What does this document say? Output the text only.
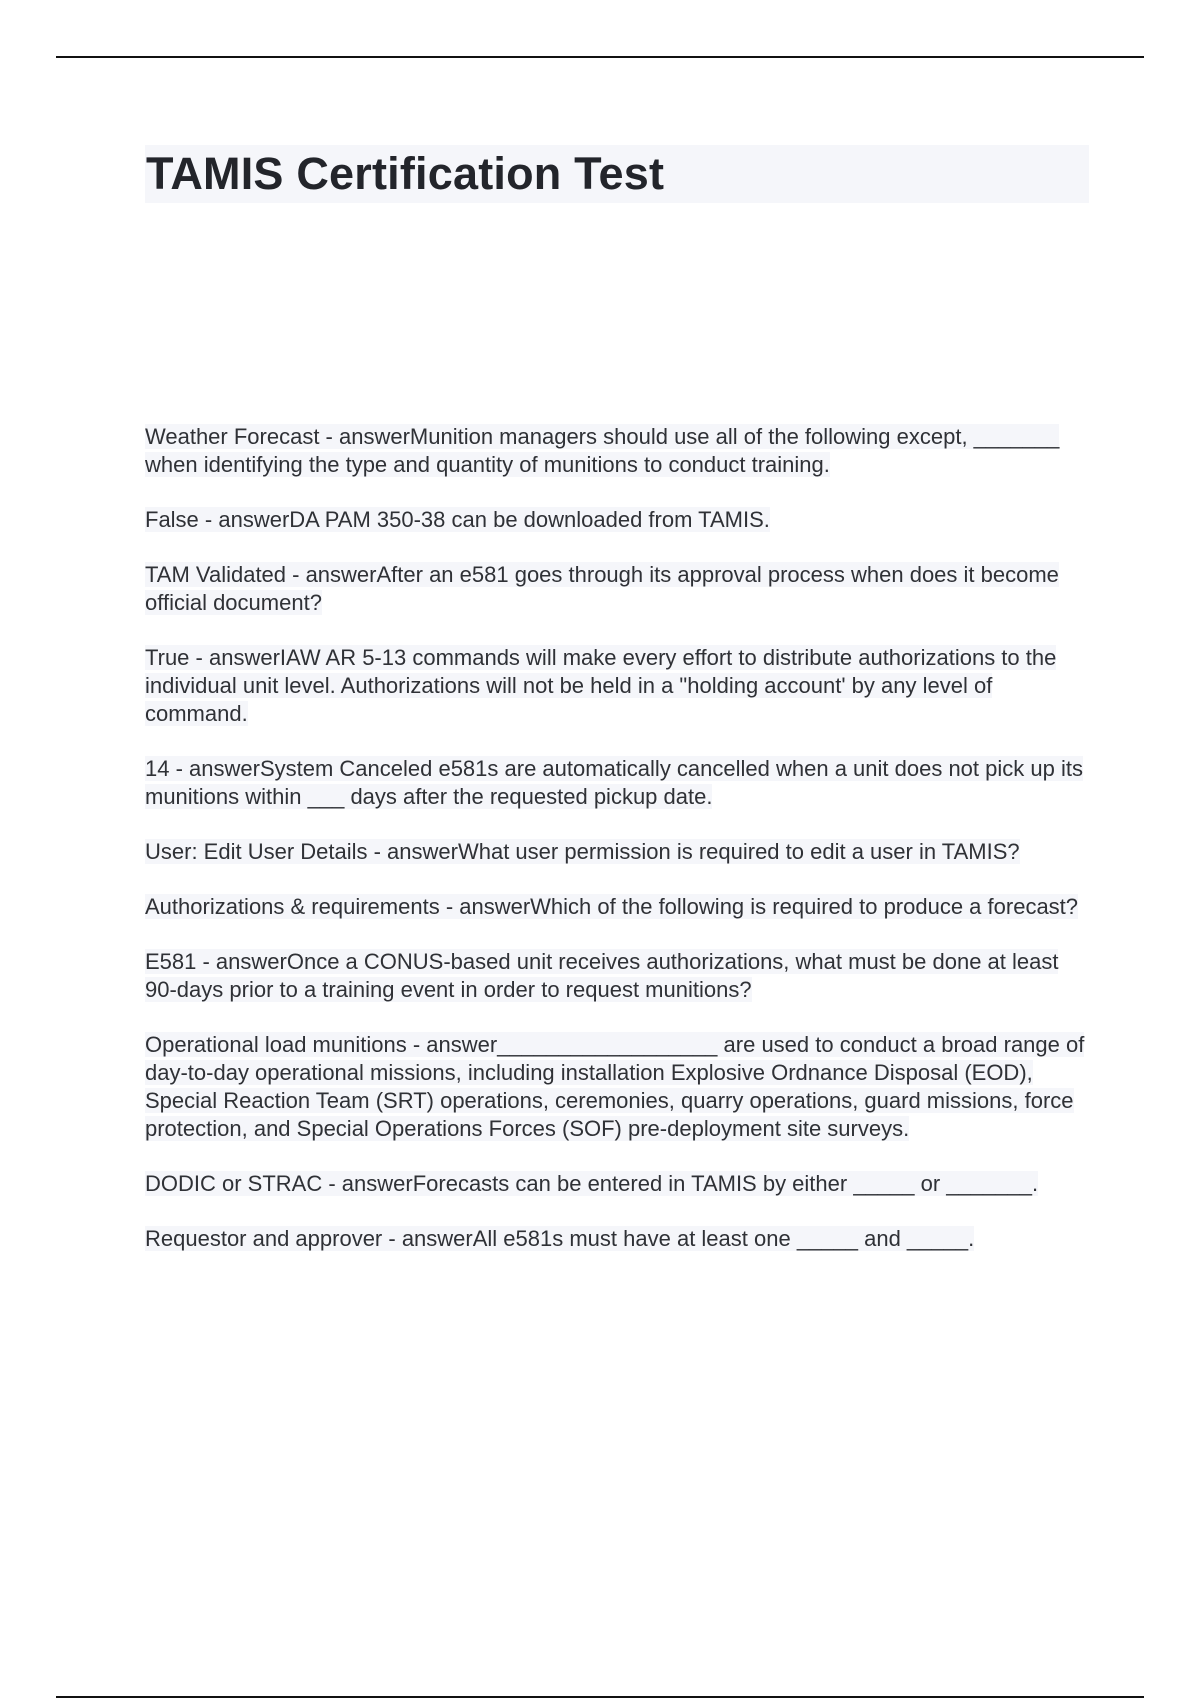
TAMIS Certification Test
Weather Forecast - answerMunition managers should use all of the following except, _______ when identifying the type and quantity of munitions to conduct training.
False - answerDA PAM 350-38 can be downloaded from TAMIS.
TAM Validated - answerAfter an e581 goes through its approval process when does it become official document?
True - answerIAW AR 5-13 commands will make every effort to distribute authorizations to the individual unit level. Authorizations will not be held in a "holding account' by any level of command.
14 - answerSystem Canceled e581s are automatically cancelled when a unit does not pick up its munitions within ___ days after the requested pickup date.
User: Edit User Details - answerWhat user permission is required to edit a user in TAMIS?
Authorizations & requirements - answerWhich of the following is required to produce a forecast?
E581 - answerOnce a CONUS-based unit receives authorizations, what must be done at least 90-days prior to a training event in order to request munitions?
Operational load munitions - answer__________________ are used to conduct a broad range of day-to-day operational missions, including installation Explosive Ordnance Disposal (EOD), Special Reaction Team (SRT) operations, ceremonies, quarry operations, guard missions, force protection, and Special Operations Forces (SOF) pre-deployment site surveys.
DODIC or STRAC - answerForecasts can be entered in TAMIS by either _____ or _______.
Requestor and approver - answerAll e581s must have at least one _____ and _____.
